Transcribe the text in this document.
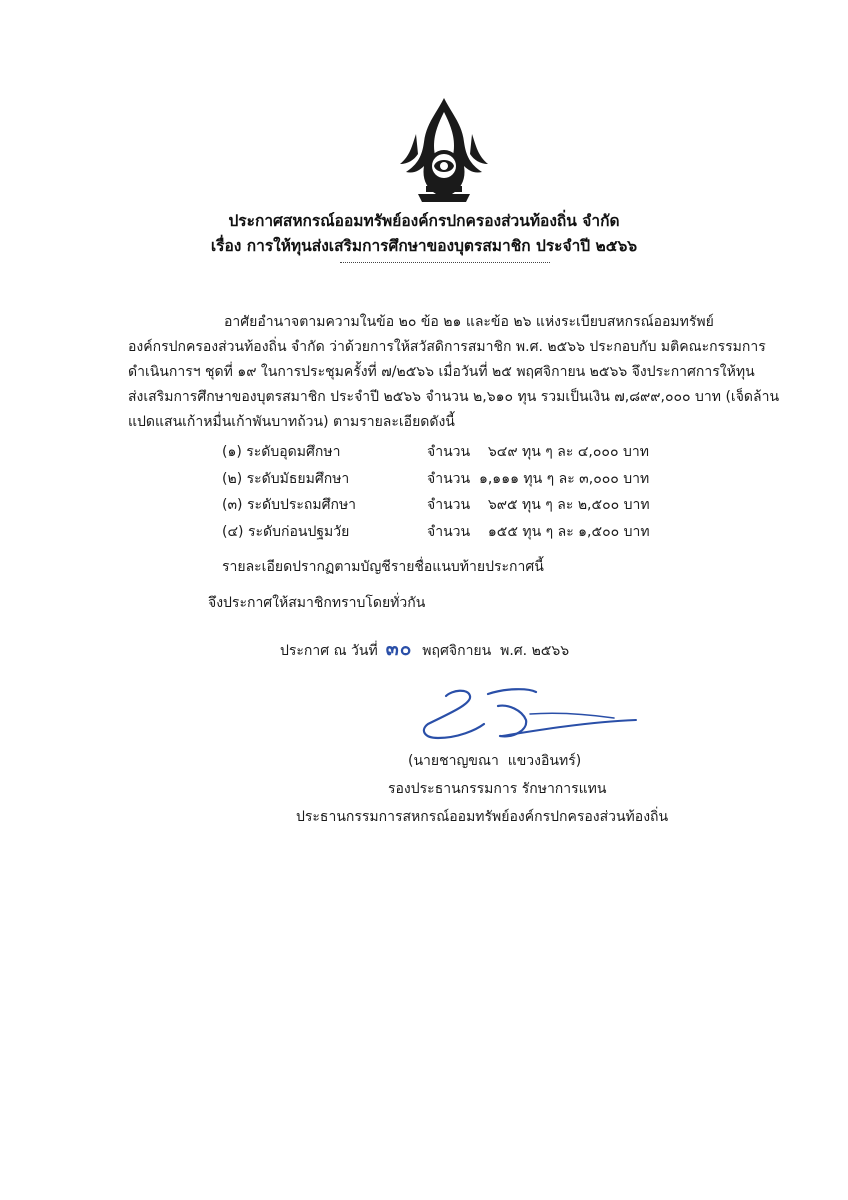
ประกาศสหกรณ์ออมทรัพย์องค์กรปกครองส่วนท้องถิ่น จำกัด
เรื่อง การให้ทุนส่งเสริมการศึกษาของบุตรสมาชิก ประจำปี ๒๕๖๖
อาศัยอำนาจตามความในข้อ ๒๐ ข้อ ๒๑ และข้อ ๒๖ แห่งระเบียบสหกรณ์ออมทรัพย์
องค์กรปกครองส่วนท้องถิ่น จำกัด ว่าด้วยการให้สวัสดิการสมาชิก พ.ศ. ๒๕๖๖ ประกอบกับ มติคณะกรรมการ
ดำเนินการฯ ชุดที่ ๑๙ ในการประชุมครั้งที่ ๗/๒๕๖๖ เมื่อวันที่ ๒๕ พฤศจิกายน ๒๕๖๖ จึงประกาศการให้ทุน
ส่งเสริมการศึกษาของบุตรสมาชิก ประจำปี ๒๕๖๖ จำนวน ๒,๖๑๐ ทุน รวมเป็นเงิน ๗,๘๙๙,๐๐๐ บาท (เจ็ดล้าน
แปดแสนเก้าหมื่นเก้าพันบาทถ้วน) ตามรายละเอียดดังนี้
(๑) ระดับอุดมศึกษา	จำนวน    ๖๔๙ ทุน ๆ ละ ๔,๐๐๐ บาท
(๒) ระดับมัธยมศึกษา	จำนวน  ๑,๑๑๑ ทุน ๆ ละ ๓,๐๐๐ บาท
(๓) ระดับประถมศึกษา	จำนวน    ๖๙๕ ทุน ๆ ละ ๒,๕๐๐ บาท
(๔) ระดับก่อนปฐมวัย	จำนวน    ๑๕๕ ทุน ๆ ละ ๑,๕๐๐ บาท
รายละเอียดปรากฏตามบัญชีรายชื่อแนบท้ายประกาศนี้
จึงประกาศให้สมาชิกทราบโดยทั่วกัน
ประกาศ ณ วันที่ ๓๐ พฤศจิกายน  พ.ศ. ๒๕๖๖
(นายชาญขณา  แขวงอินทร์)
รองประธานกรรมการ รักษาการแทน
ประธานกรรมการสหกรณ์ออมทรัพย์องค์กรปกครองส่วนท้องถิ่น
